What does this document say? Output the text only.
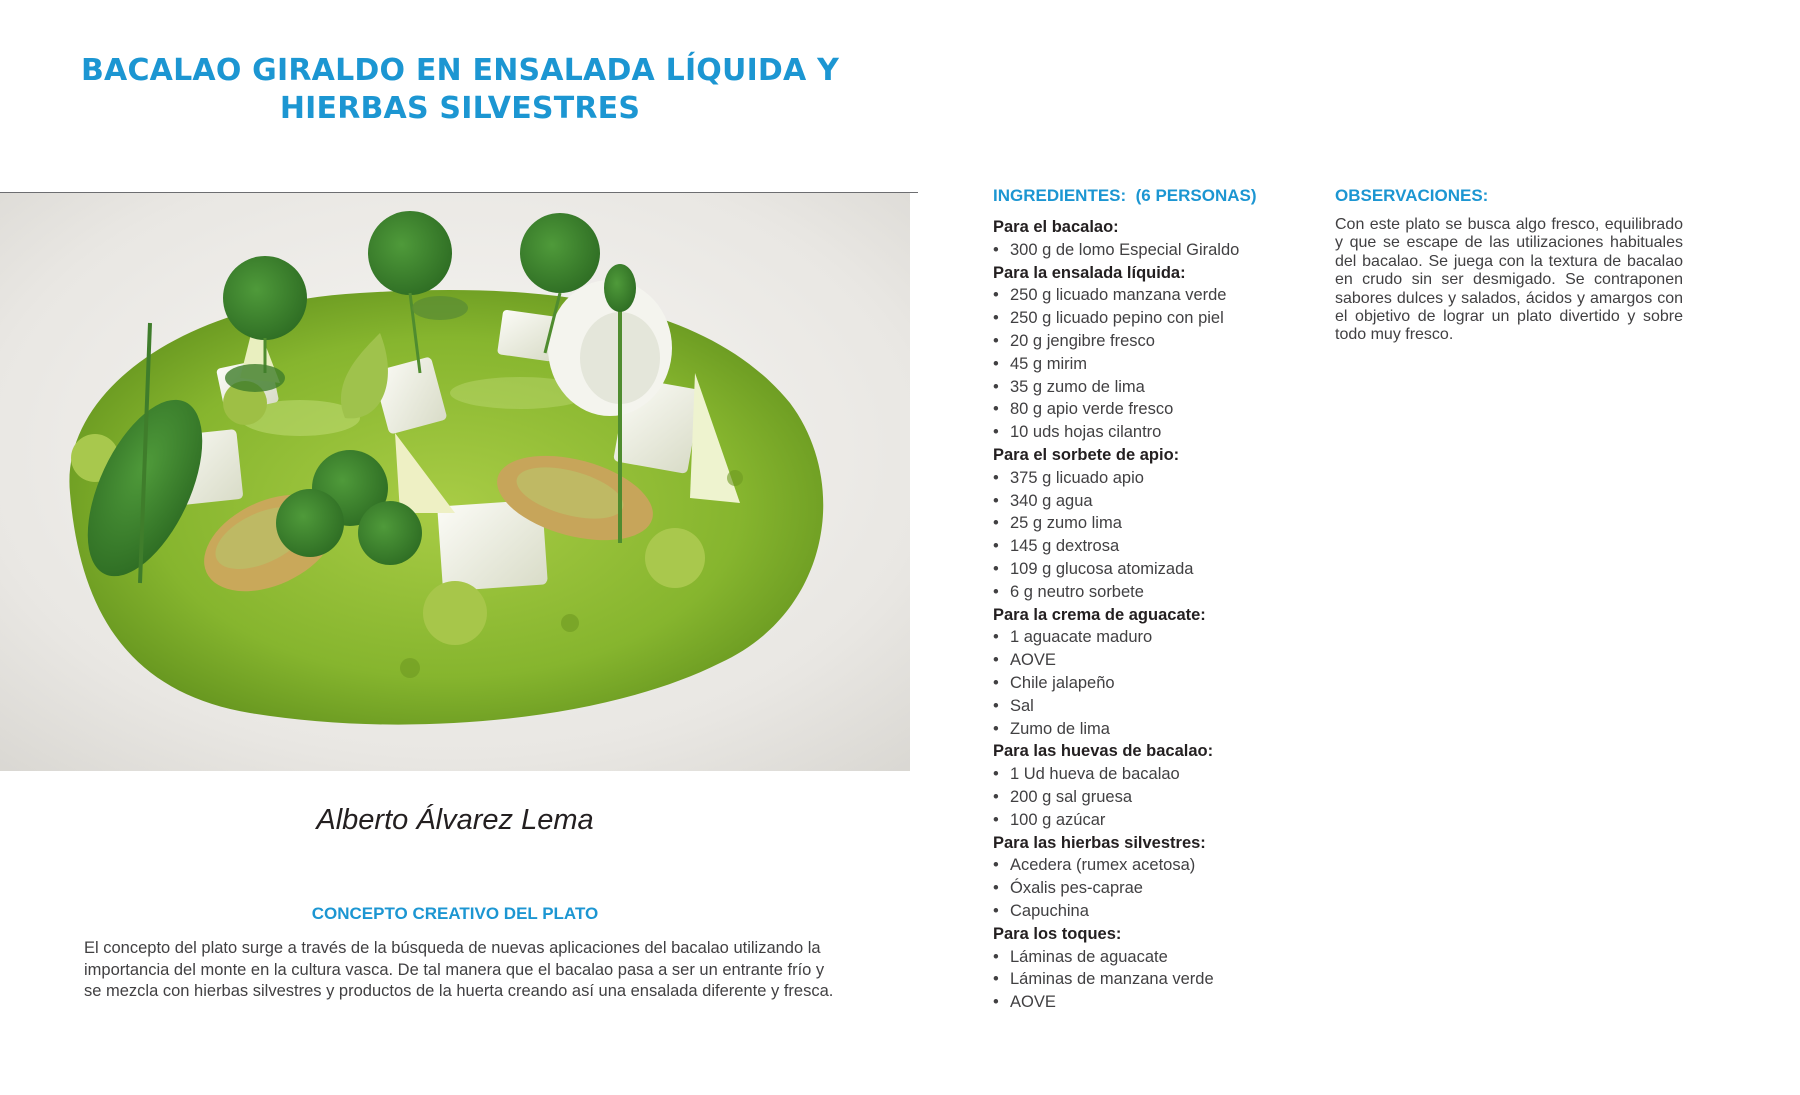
BACALAO GIRALDO EN ENSALADA LÍQUIDA Y
HIERBAS SILVESTRES
Alberto Álvarez Lema
CONCEPTO CREATIVO DEL PLATO
El concepto del plato surge a través de la búsqueda de nuevas aplicaciones del bacalao utilizando la importancia del monte en la cultura vasca. De tal manera que el bacalao pasa a ser un entrante frío y se mezcla con hierbas silvestres y productos de la huerta creando así una ensalada diferente y fresca.
INGREDIENTES:  (6 PERSONAS)
Para el bacalao:
• 300 g de lomo Especial Giraldo
Para la ensalada líquida:
• 250 g licuado manzana verde
• 250 g licuado pepino con piel
• 20 g jengibre fresco
• 45 g mirim
• 35 g zumo de lima
• 80 g apio verde fresco
• 10 uds hojas cilantro
Para el sorbete de apio:
• 375 g licuado apio
• 340 g agua
• 25 g zumo lima
• 145 g dextrosa
• 109 g glucosa atomizada
• 6 g neutro sorbete
Para la crema de aguacate:
• 1 aguacate maduro
• AOVE
• Chile jalapeño
• Sal
• Zumo de lima
Para las huevas de bacalao:
• 1 Ud hueva de bacalao
• 200 g sal gruesa
• 100 g azúcar
Para las hierbas silvestres:
• Acedera (rumex acetosa)
• Óxalis pes-caprae
• Capuchina
Para los toques:
• Láminas de aguacate
• Láminas de manzana verde
• AOVE
OBSERVACIONES:
Con este plato se busca algo fresco, equilibrado y que se escape de las utilizaciones habituales del bacalao. Se juega con la textura de bacalao en crudo sin ser desmigado. Se contraponen sabores dulces y salados, ácidos y amargos con el objetivo de lograr un plato divertido y sobre todo muy fresco.
